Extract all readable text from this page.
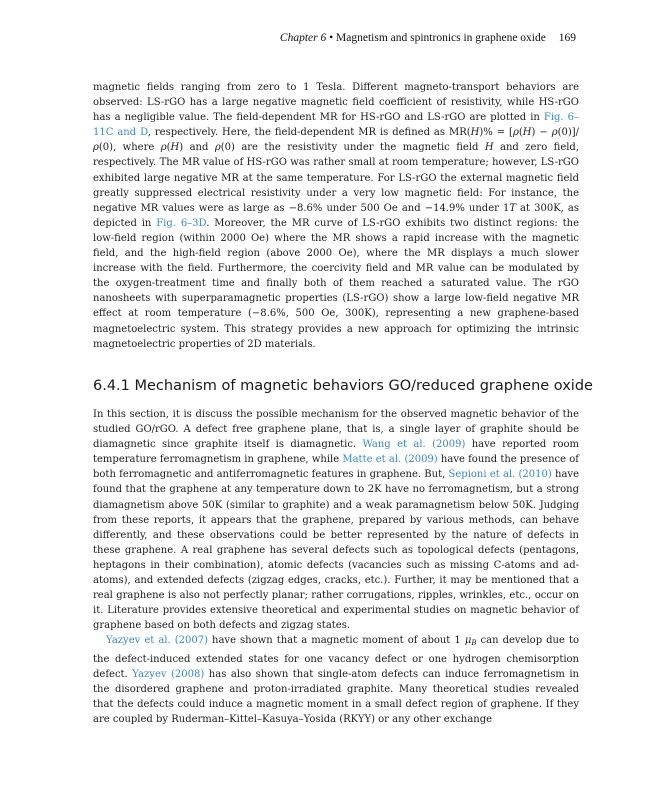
Chapter 6 • Magnetism and spintronics in graphene oxide 169

magnetic fields ranging from zero to 1 Tesla. Different magneto-transport behaviors are observed: LS-rGO has a large negative magnetic field coefficient of resistivity, while HS-rGO has a negligible value. The field-dependent MR for HS-rGO and LS-rGO are plotted in Fig. 6–11C and D, respectively. Here, the field-dependent MR is defined as MR(H)% = [ρ(H) − ρ(0)]/ρ(0), where ρ(H) and ρ(0) are the resistivity under the magnetic field H and zero field, respectively. The MR value of HS-rGO was rather small at room temperature; however, LS-rGO exhibited large negative MR at the same temperature. For LS-rGO the external magnetic field greatly suppressed electrical resistivity under a very low magnetic field: For instance, the negative MR values were as large as −8.6% under 500 Oe and −14.9% under 1T at 300K, as depicted in Fig. 6–3D. Moreover, the MR curve of LS-rGO exhibits two distinct regions: the low-field region (within 2000 Oe) where the MR shows a rapid increase with the magnetic field, and the high-field region (above 2000 Oe), where the MR displays a much slower increase with the field. Furthermore, the coercivity field and MR value can be modulated by the oxygen-treatment time and finally both of them reached a saturated value. The rGO nanosheets with superparamagnetic properties (LS-rGO) show a large low-field negative MR effect at room temperature (−8.6%, 500 Oe, 300K), representing a new graphene-based magnetoelectric system. This strategy provides a new approach for optimizing the intrinsic magnetoelectric properties of 2D materials.

6.4.1 Mechanism of magnetic behaviors GO/reduced graphene oxide

In this section, it is discuss the possible mechanism for the observed magnetic behavior of the studied GO/rGO. A defect free graphene plane, that is, a single layer of graphite should be diamagnetic since graphite itself is diamagnetic. Wang et al. (2009) have reported room temperature ferromagnetism in graphene, while Matte et al. (2009) have found the presence of both ferromagnetic and antiferromagnetic features in graphene. But, Sepioni et al. (2010) have found that the graphene at any temperature down to 2K have no ferromagnetism, but a strong diamagnetism above 50K (similar to graphite) and a weak paramagnetism below 50K. Judging from these reports, it appears that the graphene, prepared by various methods, can behave differently, and these observations could be better represented by the nature of defects in these graphene. A real graphene has several defects such as topological defects (pentagons, heptagons in their combination), atomic defects (vacancies such as missing C-atoms and ad-atoms), and extended defects (zigzag edges, cracks, etc.). Further, it may be mentioned that a real graphene is also not perfectly planar; rather corrugations, ripples, wrinkles, etc., occur on it. Literature provides extensive theoretical and experimental studies on magnetic behavior of graphene based on both defects and zigzag states.

Yazyev et al. (2007) have shown that a magnetic moment of about 1 $\mu_B$ can develop due to the defect-induced extended states for one vacancy defect or one hydrogen chemisorption defect. Yazyev (2008) has also shown that single-atom defects can induce ferromagnetism in the disordered graphene and proton-irradiated graphite. Many theoretical studies revealed that the defects could induce a magnetic moment in a small defect region of graphene. If they are coupled by Ruderman–Kittel–Kasuya–Yosida (RKYY) or any other exchange
